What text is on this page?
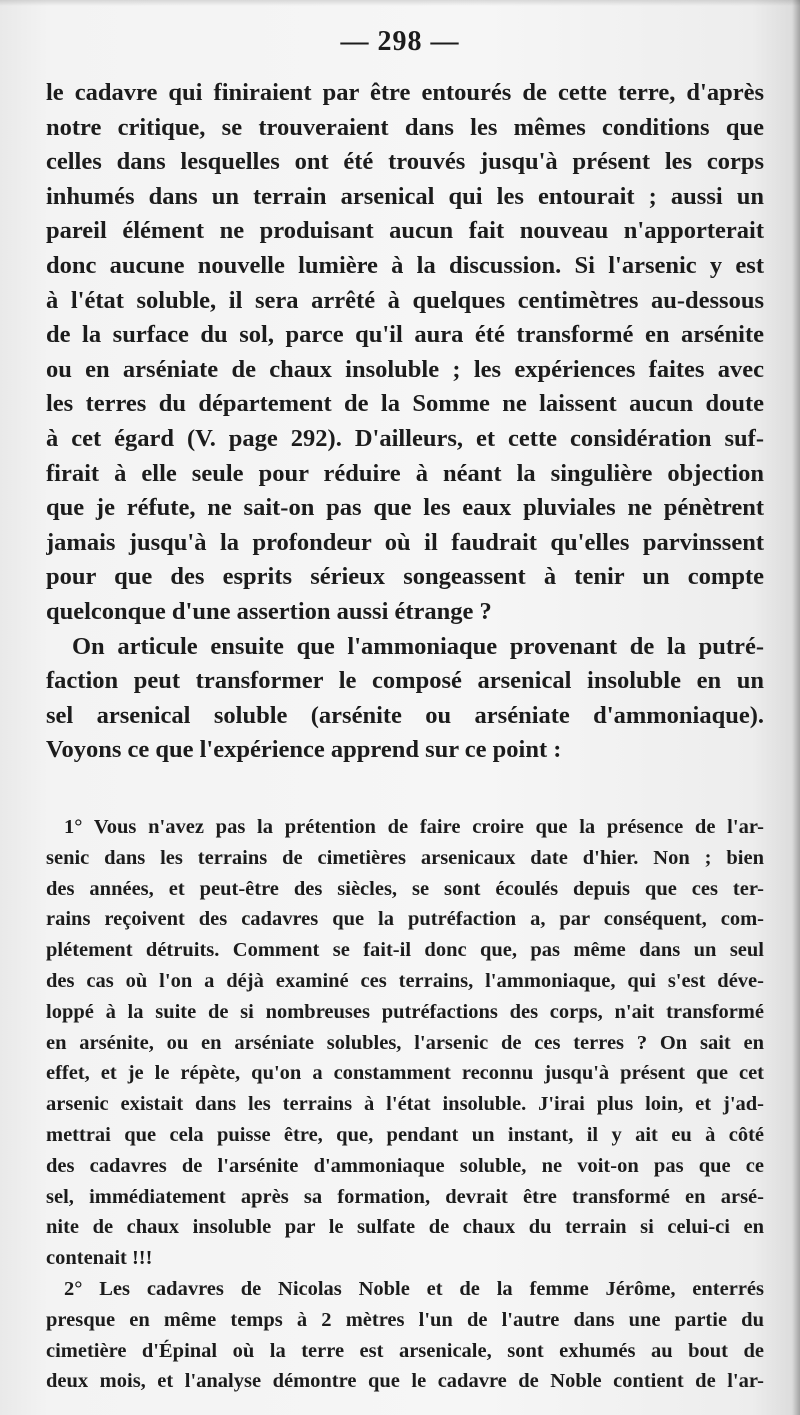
— 298 —
le cadavre qui finiraient par être entourés de cette terre, d'après
notre critique, se trouveraient dans les mêmes conditions que
celles dans lesquelles ont été trouvés jusqu'à présent les corps
inhumés dans un terrain arsenical qui les entourait ; aussi un
pareil élément ne produisant aucun fait nouveau n'apporterait
donc aucune nouvelle lumière à la discussion. Si l'arsenic y est
à l'état soluble, il sera arrêté à quelques centimètres au-dessous
de la surface du sol, parce qu'il aura été transformé en arsénite
ou en arséniate de chaux insoluble ; les expériences faites avec
les terres du département de la Somme ne laissent aucun doute
à cet égard (V. page 292). D'ailleurs, et cette considération suf-
firait à elle seule pour réduire à néant la singulière objection
que je réfute, ne sait-on pas que les eaux pluviales ne pénètrent
jamais jusqu'à la profondeur où il faudrait qu'elles parvinssent
pour que des esprits sérieux songeassent à tenir un compte
quelconque d'une assertion aussi étrange ?
On articule ensuite que l'ammoniaque provenant de la putré-
faction peut transformer le composé arsenical insoluble en un
sel arsenical soluble (arsénite ou arséniate d'ammoniaque).
Voyons ce que l'expérience apprend sur ce point :
1° Vous n'avez pas la prétention de faire croire que la présence de l'ar-
senic dans les terrains de cimetières arsenicaux date d'hier. Non ; bien
des années, et peut-être des siècles, se sont écoulés depuis que ces ter-
rains reçoivent des cadavres que la putréfaction a, par conséquent, com-
plétement détruits. Comment se fait-il donc que, pas même dans un seul
des cas où l'on a déjà examiné ces terrains, l'ammoniaque, qui s'est déve-
loppé à la suite de si nombreuses putréfactions des corps, n'ait transformé
en arsénite, ou en arséniate solubles, l'arsenic de ces terres ? On sait en
effet, et je le répète, qu'on a constamment reconnu jusqu'à présent que cet
arsenic existait dans les terrains à l'état insoluble. J'irai plus loin, et j'ad-
mettrai que cela puisse être, que, pendant un instant, il y ait eu à côté
des cadavres de l'arsénite d'ammoniaque soluble, ne voit-on pas que ce
sel, immédiatement après sa formation, devrait être transformé en arsé-
nite de chaux insoluble par le sulfate de chaux du terrain si celui-ci en
contenait !!!
2° Les cadavres de Nicolas Noble et de la femme Jérôme, enterrés
presque en même temps à 2 mètres l'un de l'autre dans une partie du
cimetière d'Épinal où la terre est arsenicale, sont exhumés au bout de
deux mois, et l'analyse démontre que le cadavre de Noble contient de l'ar-
